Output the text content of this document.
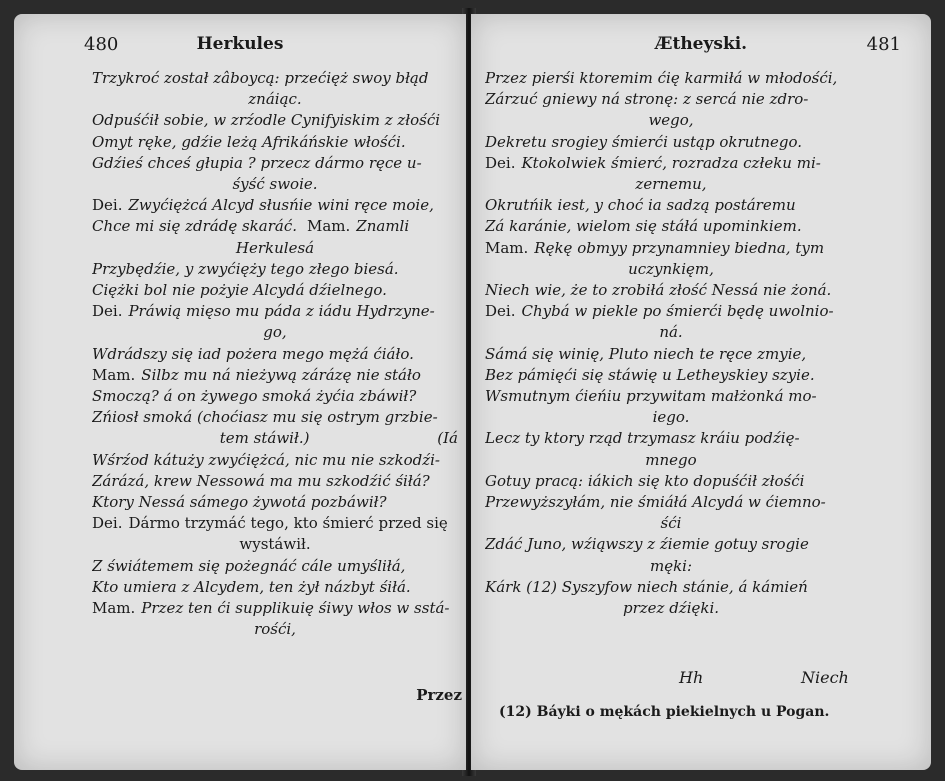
480	Herkules
Trzykroć został zâboycą: przećięż swoy błąd
znáiąc.
Odpuśćił sobie, w zrźodle Cynifyiskim z złośći
Omyt ręke, gdźie leżą Afrikáńskie włośći.
Gdźieś chceś głupia ? przecz dármo ręce u-
śyść swoie.
Dei. Zwyćiężcá Alcyd słusńie wini ręce moie,
Chce mi się zdrádę skaráć. Mam. Znamli
Herkulesá
Przybędźie, y zwyćięży tego złego biesá.
Ciężki bol nie pożyie Alcydá dźielnego.
Dei. Práwią mięso mu páda z iádu Hydrzyne-
go,
Wdrádszy się iad pożera mego mężá ćiáło.
Mam. Silbz mu ná nieżywą zárázę nie stáło
Smoczą? á on żywego smoká żyćia zbáwił?
Zńiosł smoká (choćiasz mu się ostrym grzbie-
tem stáwił.)	(Iá
Wśrźod kátuży zwyćiężcá, nic mu nie szkodźi-
Zárázá, krew Nessowá ma mu szkodźić śiłá?
Ktory Nessá sámego żywotá pozbáwił?
Dei. Dármo trzymáć tego, kto śmierć przed się
wystáwił.
Z świátemem się pożegnáć cále umyśliłá,
Kto umiera z Alcydem, ten żył názbyt śiłá.
Mam. Przez ten ći supplikuię śiwy włos w sstá-
rośći,
Przez
Ætheyski.	481
Przez pierśi ktoremim ćię karmiłá w młodośći,
Zárzuć gniewy ná stronę: z sercá nie zdro-
wego,
Dekretu srogiey śmierći ustąp okrutnego.
Dei. Ktokolwiek śmierć, rozradza człeku mi-
zernemu,
Okrutńik iest, y choć ia sadzą postáremu
Zá karánie, wielom się stáłá upominkiem.
Mam. Rękę obmyy przynamniey biedna, tym
uczynkięm,
Niech wie, że to zrobiłá złość Nessá nie żoná.
Dei. Chybá w piekle po śmierći będę uwolnio-
ná.
Sámá się winię, Pluto niech te ręce zmyie,
Bez pámięći się stáwię u Letheyskiey szyie.
Wsmutnym ćieńiu przywitam małżonká mo-
iego.
Lecz ty ktory rząd trzymasz kráiu podźię-
mnego
Gotuy pracą: iákich się kto dopuśćił złośći
Przewyższyłám, nie śmiáłá Alcydá w ćiemno-
śći
Zdáć Juno, wźiąwszy z źiemie gotuy srogie
męki:
Kárk (12) Syszyfow niech stánie, á kámień
przez dźięki.
Hh	Niech
(12) Báyki o mękách piekielnych u Pogan.
